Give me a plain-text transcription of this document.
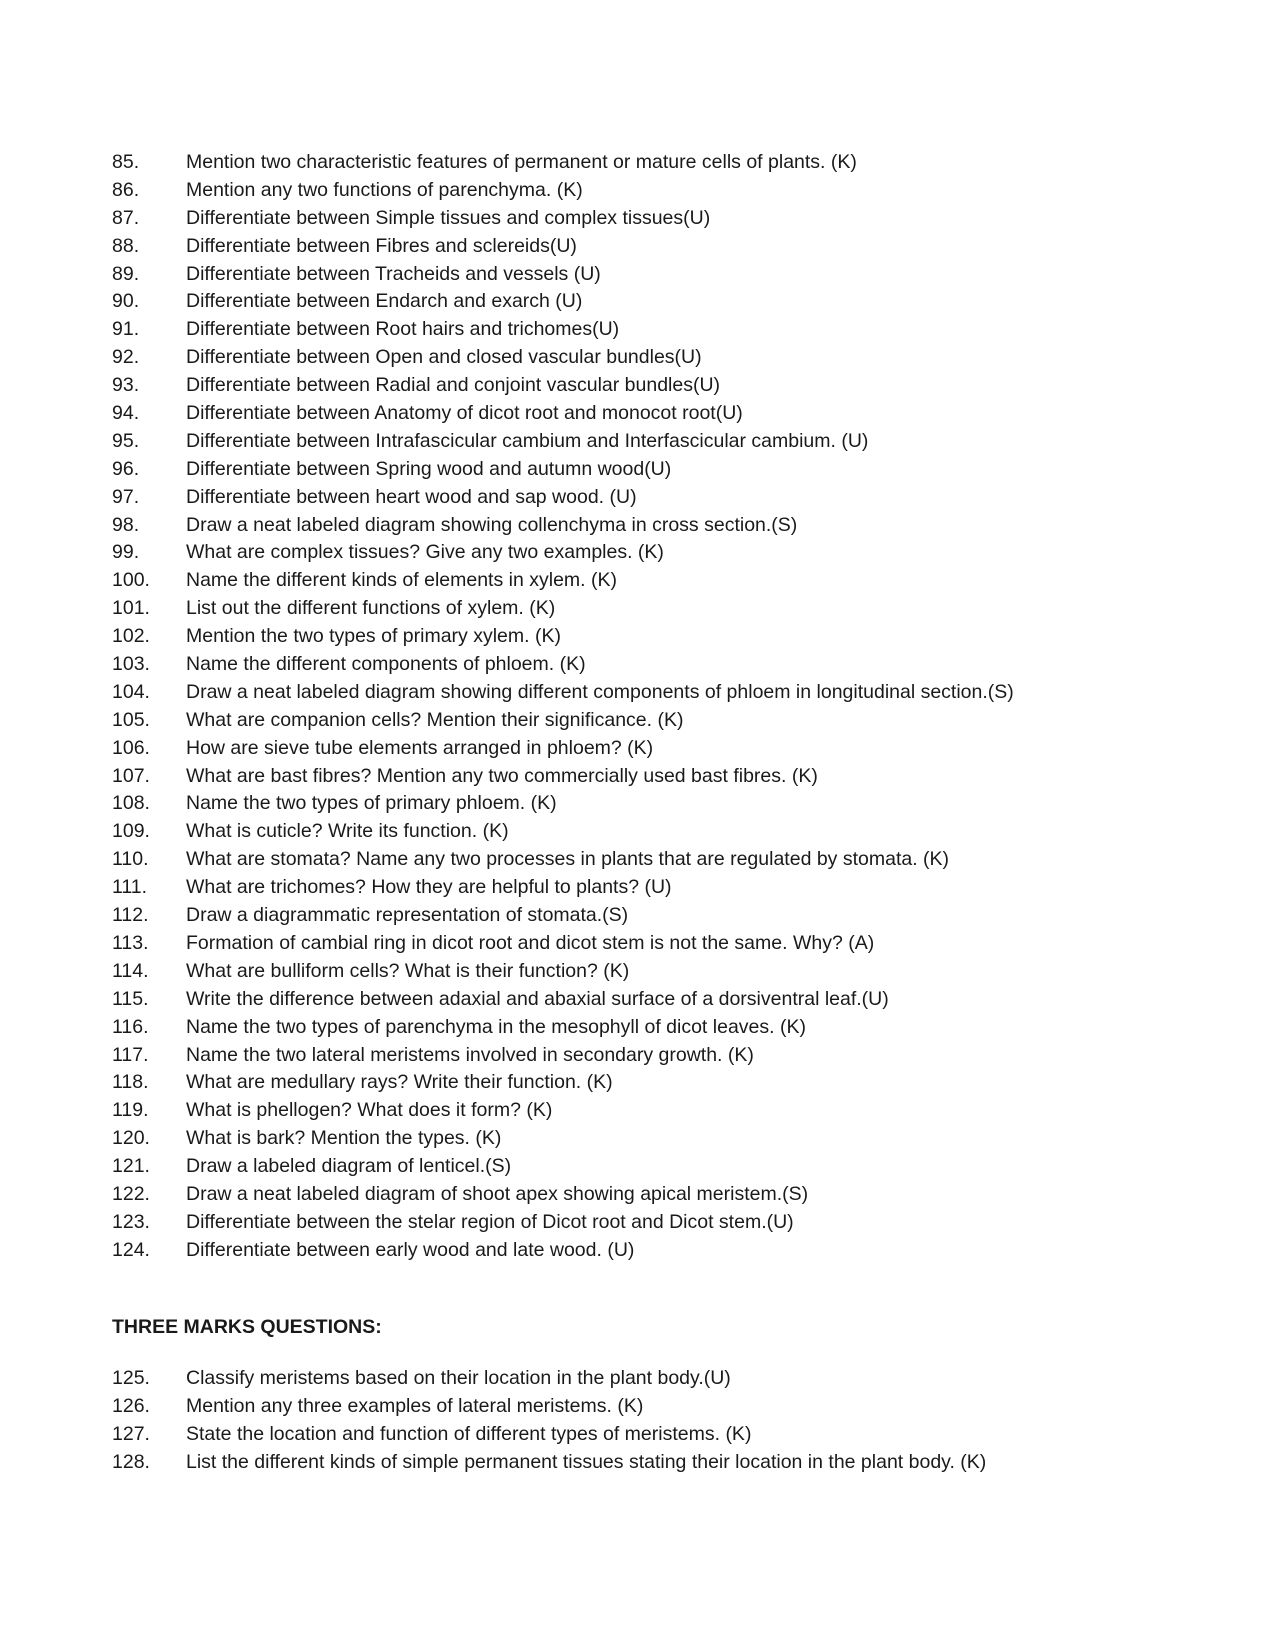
85.	Mention two characteristic features of permanent or mature cells of plants. (K)
86.	Mention any two functions of parenchyma. (K)
87.	Differentiate between Simple tissues and complex tissues(U)
88.	Differentiate between Fibres and sclereids(U)
89.	Differentiate between Tracheids and vessels (U)
90.	Differentiate between Endarch and exarch (U)
91.	Differentiate between Root hairs and trichomes(U)
92.	Differentiate between Open and closed vascular bundles(U)
93.	Differentiate between Radial and conjoint vascular bundles(U)
94.	Differentiate between Anatomy of dicot root and monocot root(U)
95.	Differentiate between Intrafascicular cambium and Interfascicular cambium. (U)
96.	Differentiate between Spring wood and autumn wood(U)
97.	Differentiate between heart wood and sap wood. (U)
98.	Draw a neat labeled diagram showing collenchyma in cross section.(S)
99.	What are complex tissues? Give any two examples. (K)
100.	Name the different kinds of elements in xylem. (K)
101.	List out the different functions of xylem. (K)
102.	Mention the two types of primary xylem. (K)
103.	Name the different components of phloem. (K)
104.	Draw a neat labeled diagram showing different components of phloem in longitudinal section.(S)
105.	What are companion cells? Mention their significance. (K)
106.	How are sieve tube elements arranged in phloem? (K)
107.	What are bast fibres? Mention any two commercially used bast fibres. (K)
108.	Name the two types of primary phloem. (K)
109.	What is cuticle? Write its function. (K)
110.	What are stomata? Name any two processes in plants that are regulated by stomata. (K)
111.	What are trichomes? How they are helpful to plants? (U)
112.	Draw a diagrammatic representation of stomata.(S)
113.	Formation of cambial ring in dicot root and dicot stem is not the same. Why? (A)
114.	What are bulliform cells? What is their function? (K)
115.	Write the difference between adaxial and abaxial surface of a dorsiventral leaf.(U)
116.	Name the two types of parenchyma in the mesophyll of dicot leaves. (K)
117.	Name the two lateral meristems involved in secondary growth. (K)
118.	What are medullary rays? Write their function. (K)
119.	What is phellogen? What does it form? (K)
120.	What is bark? Mention the types. (K)
121.	Draw a labeled diagram of lenticel.(S)
122.	Draw a neat labeled diagram of shoot apex showing apical meristem.(S)
123.	Differentiate between the stelar region of Dicot root and Dicot stem.(U)
124.	Differentiate between early wood and late wood. (U)
THREE MARKS QUESTIONS:
125.	Classify meristems based on their location in the plant body.(U)
126.	Mention any three examples of lateral meristems. (K)
127.	State the location and function of different types of meristems. (K)
128.	List the different kinds of simple permanent tissues stating their location in the plant body. (K)
